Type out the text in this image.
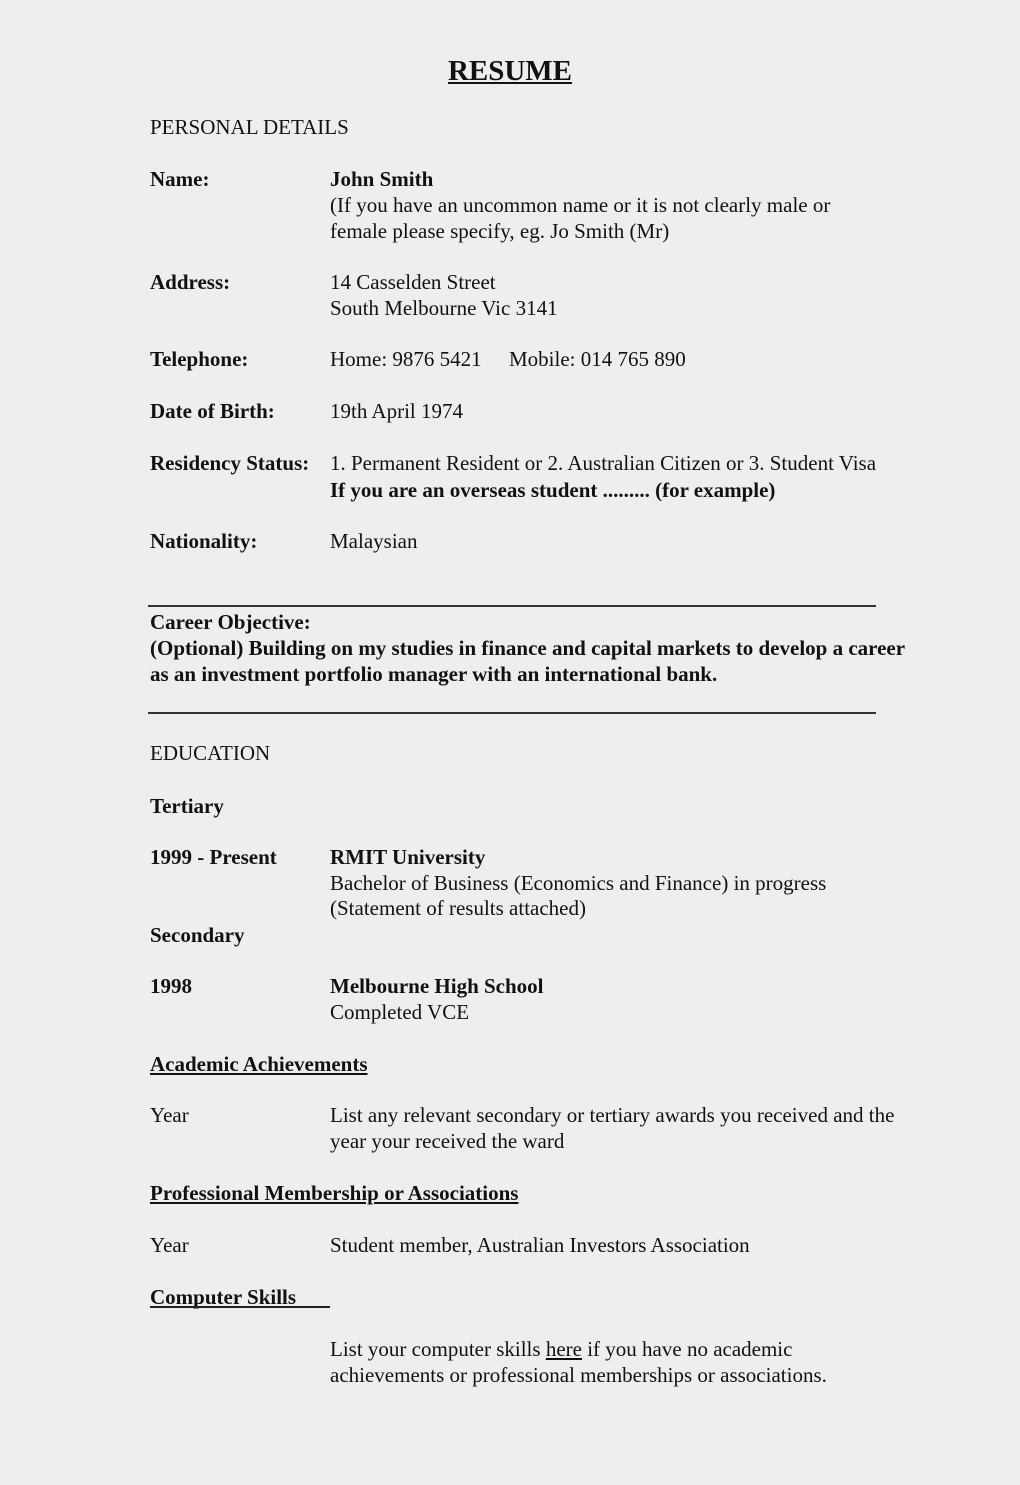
RESUME
PERSONAL DETAILS
Name:	John Smith
(If you have an uncommon name or it is not clearly male or
female please specify, eg. Jo Smith (Mr)
Address:	14 Casselden Street
South Melbourne Vic 3141
Telephone:	Home: 9876 5421 Mobile: 014 765 890
Date of Birth:	19th April 1974
Residency Status: 1. Permanent Resident or 2. Australian Citizen or 3. Student Visa
If you are an overseas student ......... (for example)
Nationality:	Malaysian
Career Objective:
(Optional) Building on my studies in finance and capital markets to develop a career
as an investment portfolio manager with an international bank.
EDUCATION
Tertiary
1999 - Present	RMIT University
Bachelor of Business (Economics and Finance) in progress
(Statement of results attached)
Secondary
1998	Melbourne High School
Completed VCE
Academic Achievements
Year	List any relevant secondary or tertiary awards you received and the
year your received the ward
Professional Membership or Associations
Year	Student member, Australian Investors Association
Computer Skills
List your computer skills here if you have no academic
achievements or professional memberships or associations.
